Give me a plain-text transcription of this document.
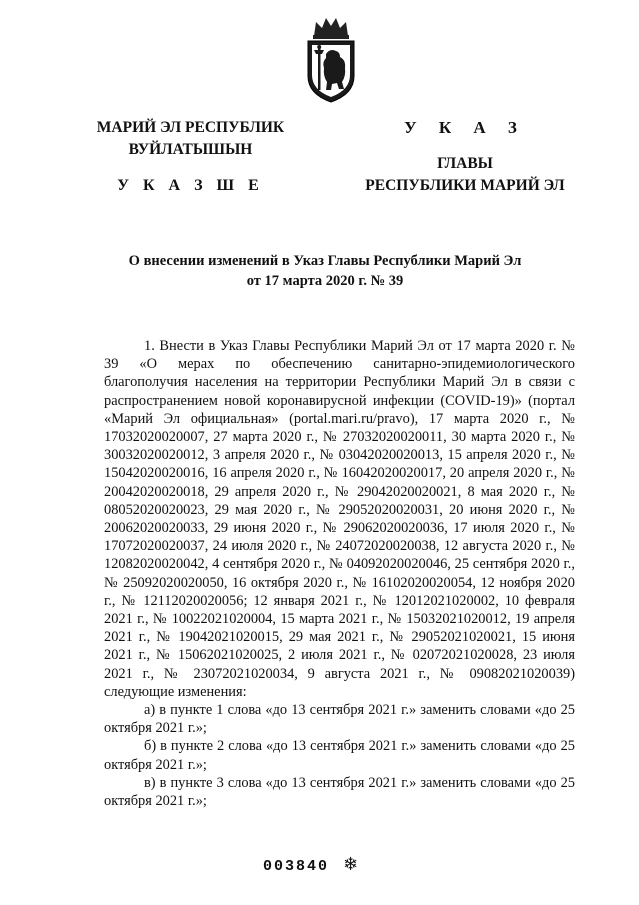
МАРИЙ ЭЛ РЕСПУБЛИК
ВУЙЛАТЫШЫН
У К А З Ш Е
У К А З
ГЛАВЫ
РЕСПУБЛИКИ МАРИЙ ЭЛ
О внесении изменений в Указ Главы Республики Марий Эл
от 17 марта 2020 г. № 39

1. Внести в Указ Главы Республики Марий Эл от 17 марта 2020 г. № 39 «О мерах по обеспечению санитарно-эпидемиологического благополучия населения на территории Республики Марий Эл в связи с распространением новой коронавирусной инфекции (COVID-19)» (портал «Марий Эл официальная» (portal.mari.ru/pravo), 17 марта 2020 г., № 17032020020007, 27 марта 2020 г., № 27032020020011, 30 марта 2020 г., № 30032020020012, 3 апреля 2020 г., № 03042020020013, 15 апреля 2020 г., № 15042020020016, 16 апреля 2020 г., № 16042020020017, 20 апреля 2020 г., № 20042020020018, 29 апреля 2020 г., № 29042020020021, 8 мая 2020 г., № 08052020020023, 29 мая 2020 г., № 29052020020031, 20 июня 2020 г., № 20062020020033, 29 июня 2020 г., № 29062020020036, 17 июля 2020 г., № 17072020020037, 24 июля 2020 г., № 24072020020038, 12 августа 2020 г., № 12082020020042, 4 сентября 2020 г., № 04092020020046, 25 сентября 2020 г., № 25092020020050, 16 октября 2020 г., № 16102020020054, 12 ноября 2020 г., № 12112020020056; 12 января 2021 г., № 12012021020002, 10 февраля 2021 г., № 10022021020004, 15 марта 2021 г., № 15032021020012, 19 апреля 2021 г., № 19042021020015, 29 мая 2021 г., № 29052021020021, 15 июня 2021 г., № 15062021020025, 2 июля 2021 г., № 02072021020028, 23 июля 2021 г., № 23072021020034, 9 августа 2021 г., № 09082021020039) следующие изменения:

а) в пункте 1 слова «до 13 сентября 2021 г.» заменить словами «до 25 октября 2021 г.»;

б) в пункте 2 слова «до 13 сентября 2021 г.» заменить словами «до 25 октября 2021 г.»;

в) в пункте 3 слова «до 13 сентября 2021 г.» заменить словами «до 25 октября 2021 г.»;

003840 ❄
